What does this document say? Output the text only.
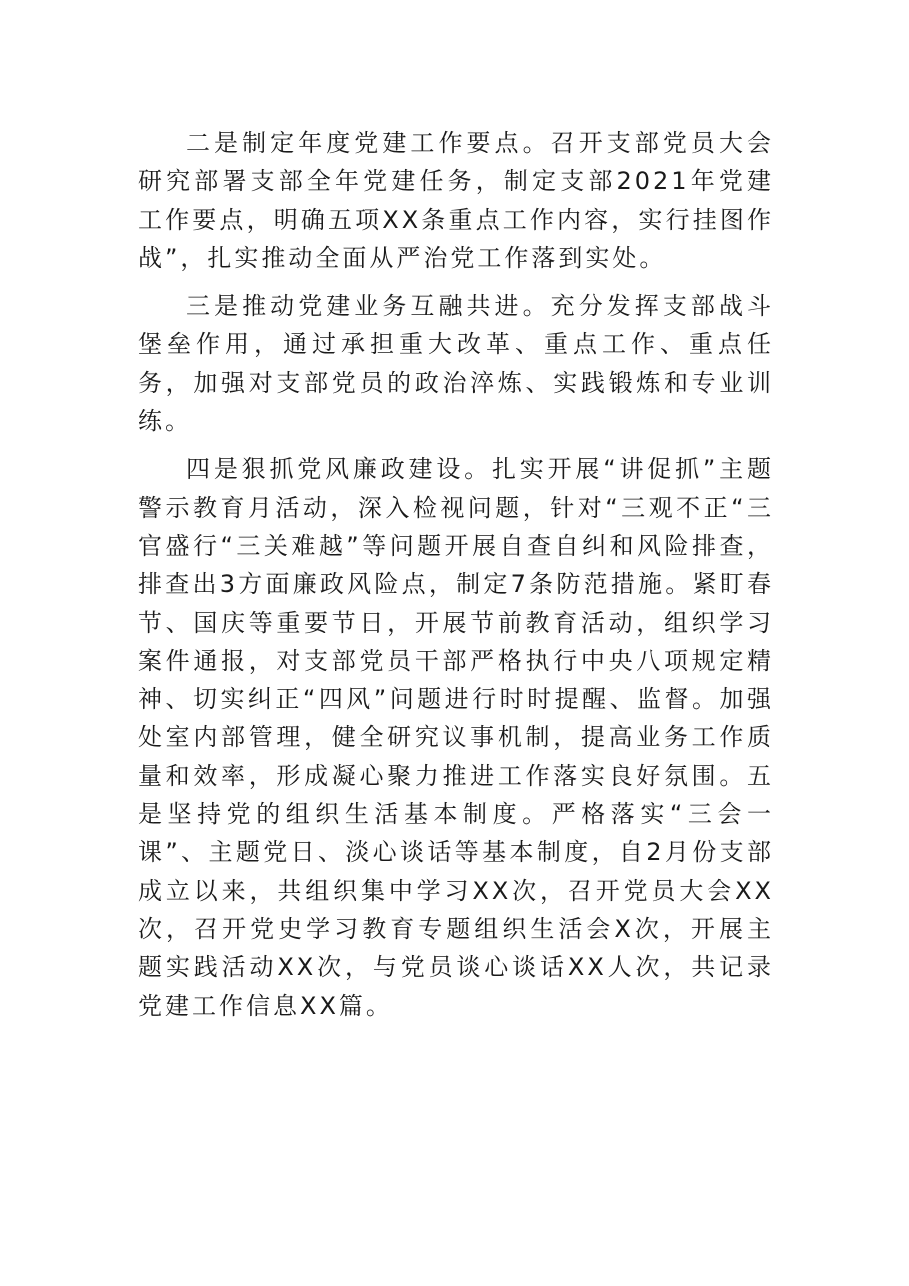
二是制定年度党建工作要点。召开支部党员大会研究部署支部全年党建任务，制定支部2021年党建工作要点，明确五项XX条重点工作内容，实行挂图作战”，扎实推动全面从严治党工作落到实处。

三是推动党建业务互融共进。充分发挥支部战斗堡垒作用，通过承担重大改革、重点工作、重点任务，加强对支部党员的政治淬炼、实践锻炼和专业训练。

四是狠抓党风廉政建设。扎实开展“讲促抓”主题警示教育月活动，深入检视问题，针对“三观不正“三官盛行“三关难越”等问题开展自查自纠和风险排查，排查出3方面廉政风险点，制定7条防范措施。紧盯春节、国庆等重要节日，开展节前教育活动，组织学习案件通报，对支部党员干部严格执行中央八项规定精神、切实纠正“四风”问题进行时时提醒、监督。加强处室内部管理，健全研究议事机制，提高业务工作质量和效率，形成凝心聚力推进工作落实良好氛围。五是坚持党的组织生活基本制度。严格落实“三会一课”、主题党日、淡心谈话等基本制度，自2月份支部成立以来，共组织集中学习XX次，召开党员大会XX次，召开党史学习教育专题组织生活会X次，开展主题实践活动XX次，与党员谈心谈话XX人次，共记录党建工作信息XX篇。
